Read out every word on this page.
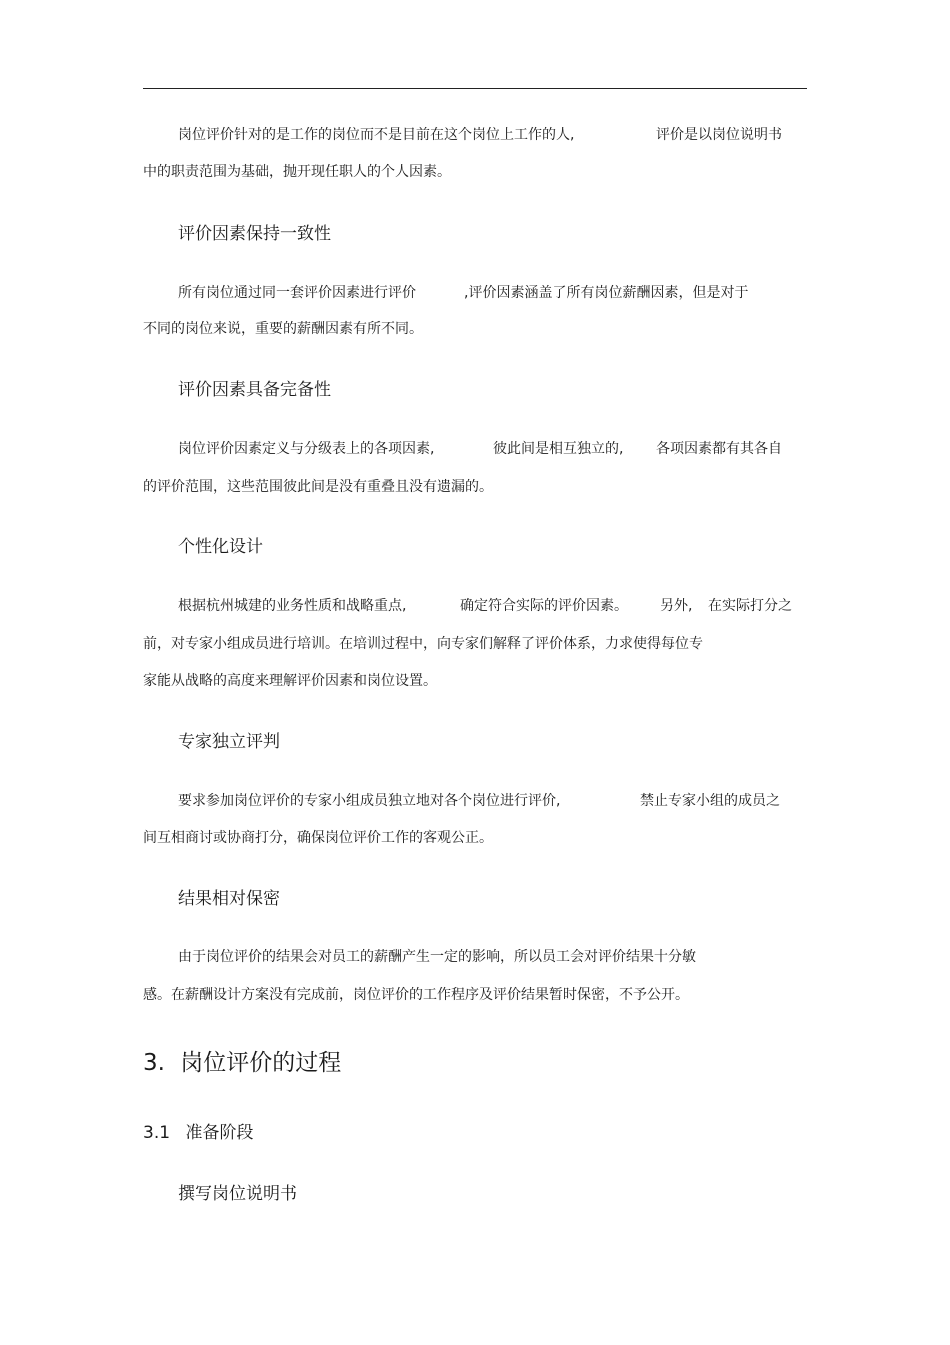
岗位评价针对的是工作的岗位而不是目前在这个岗位上工作的人,	评价是以岗位说明书
中的职责范围为基础，抛开现任职人的个人因素。
评价因素保持一致性
所有岗位通过同一套评价因素进行评价	,评价因素涵盖了所有岗位薪酬因素，但是对于
不同的岗位来说，重要的薪酬因素有所不同。
评价因素具备完备性
岗位评价因素定义与分级表上的各项因素,	彼此间是相互独立的, 各项因素都有其各自
的评价范围，这些范围彼此间是没有重叠且没有遗漏的。
个性化设计
根据杭州城建的业务性质和战略重点,	确定符合实际的评价因素。 另外, 在实际打分之
前，对专家小组成员进行培训。在培训过程中，向专家们解释了评价体系，力求使得每位专
家能从战略的高度来理解评价因素和岗位设置。
专家独立评判
要求参加岗位评价的专家小组成员独立地对各个岗位进行评价,	禁止专家小组的成员之
间互相商讨或协商打分，确保岗位评价工作的客观公正。
结果相对保密
由于岗位评价的结果会对员工的薪酬产生一定的影响，所以员工会对评价结果十分敏
感。在薪酬设计方案没有完成前，岗位评价的工作程序及评价结果暂时保密，不予公开。
3. 岗位评价的过程
3.1 准备阶段
撰写岗位说明书
